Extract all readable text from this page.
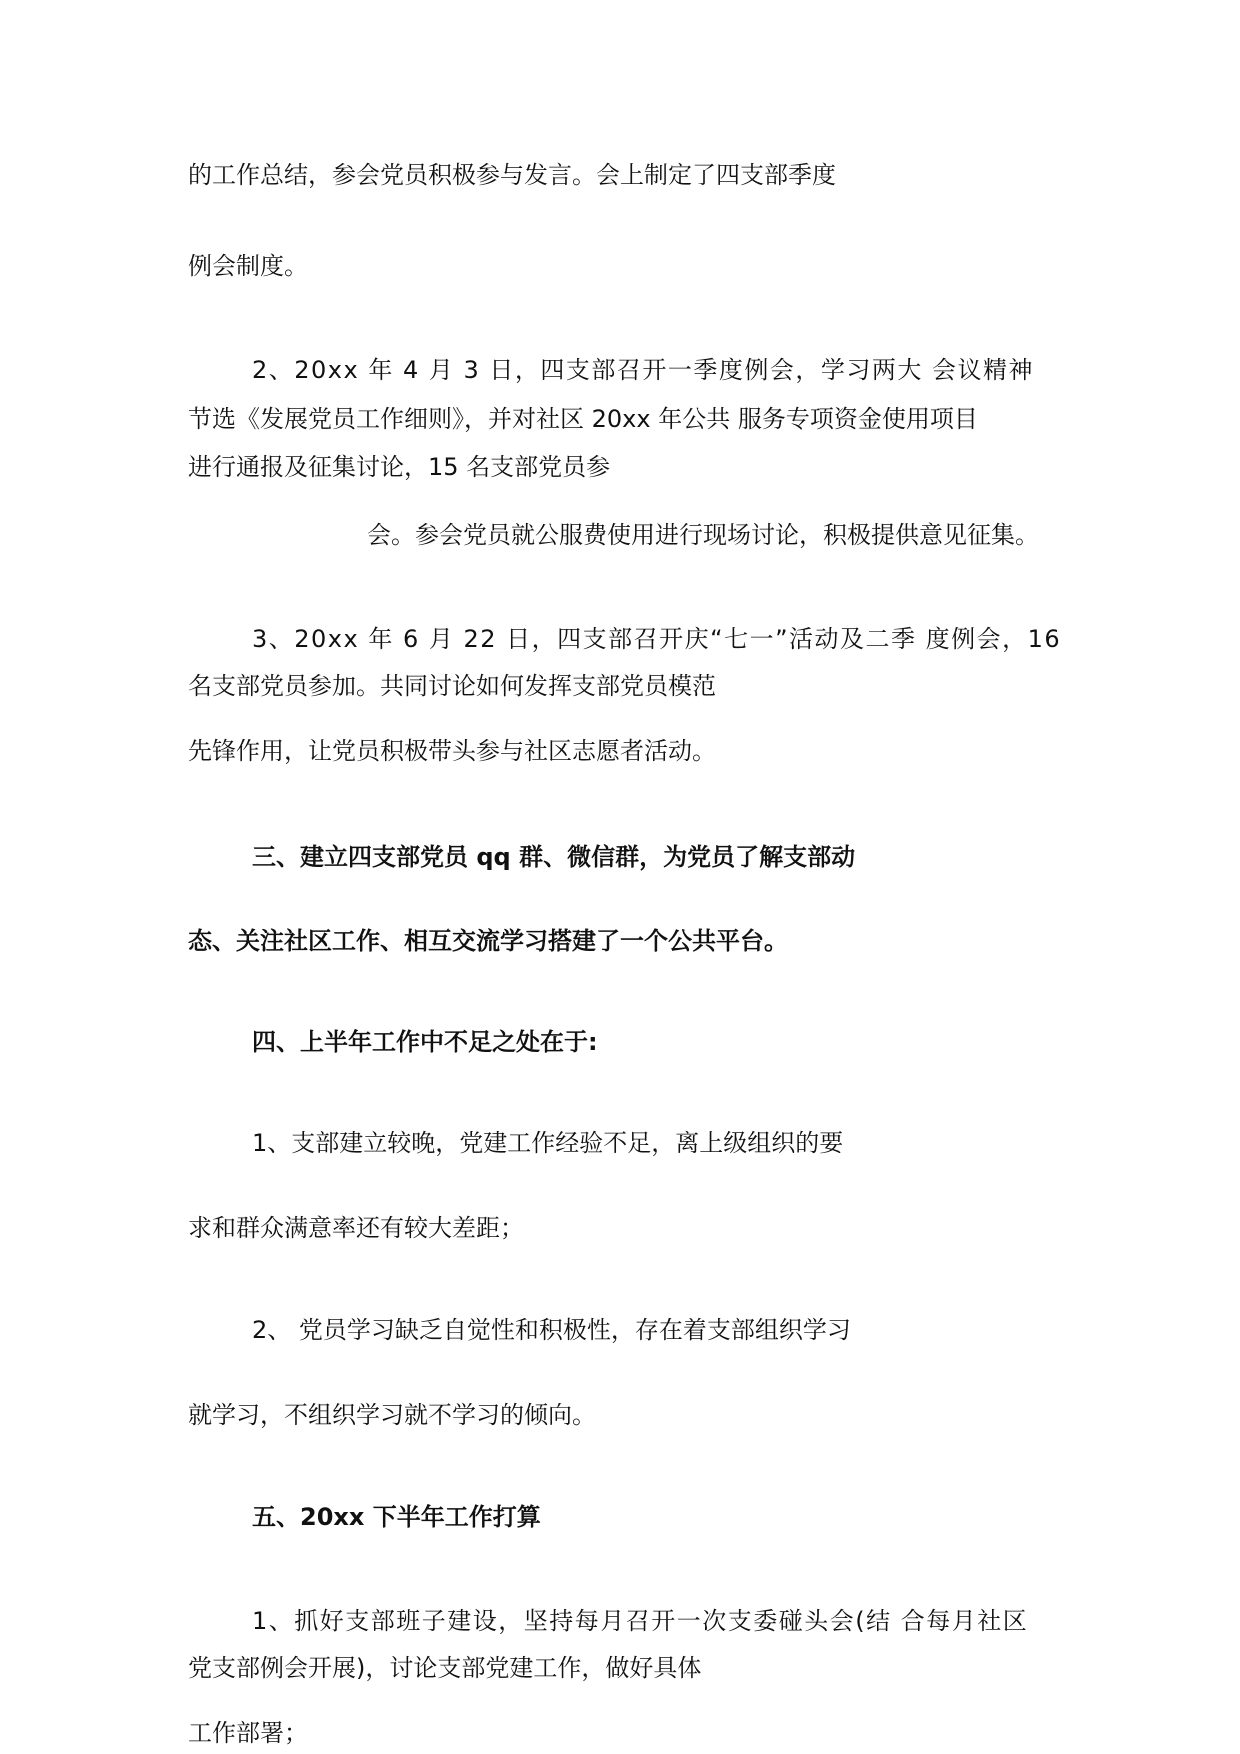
的工作总结，参会党员积极参与发言。会上制定了四支部季度
例会制度。
2、20xx 年 4 月 3 日，四支部召开一季度例会，学习两大 会议精神
节选《发展党员工作细则》，并对社区 20xx 年公共 服务专项资金使用项目
进行通报及征集讨论，15 名支部党员参
会。参会党员就公服费使用进行现场讨论，积极提供意见征集。
3、20xx 年 6 月 22 日，四支部召开庆“七一”活动及二季 度例会，16
名支部党员参加。共同讨论如何发挥支部党员模范
先锋作用，让党员积极带头参与社区志愿者活动。
三、建立四支部党员 qq 群、微信群，为党员了解支部动
态、关注社区工作、相互交流学习搭建了一个公共平台。
四、上半年工作中不足之处在于:
1、支部建立较晚，党建工作经验不足，离上级组织的要
求和群众满意率还有较大差距；
2、 党员学习缺乏自觉性和积极性，存在着支部组织学习
就学习，不组织学习就不学习的倾向。
五、20xx 下半年工作打算
1、抓好支部班子建设，坚持每月召开一次支委碰头会(结 合每月社区
党支部例会开展)，讨论支部党建工作，做好具体
工作部署；
